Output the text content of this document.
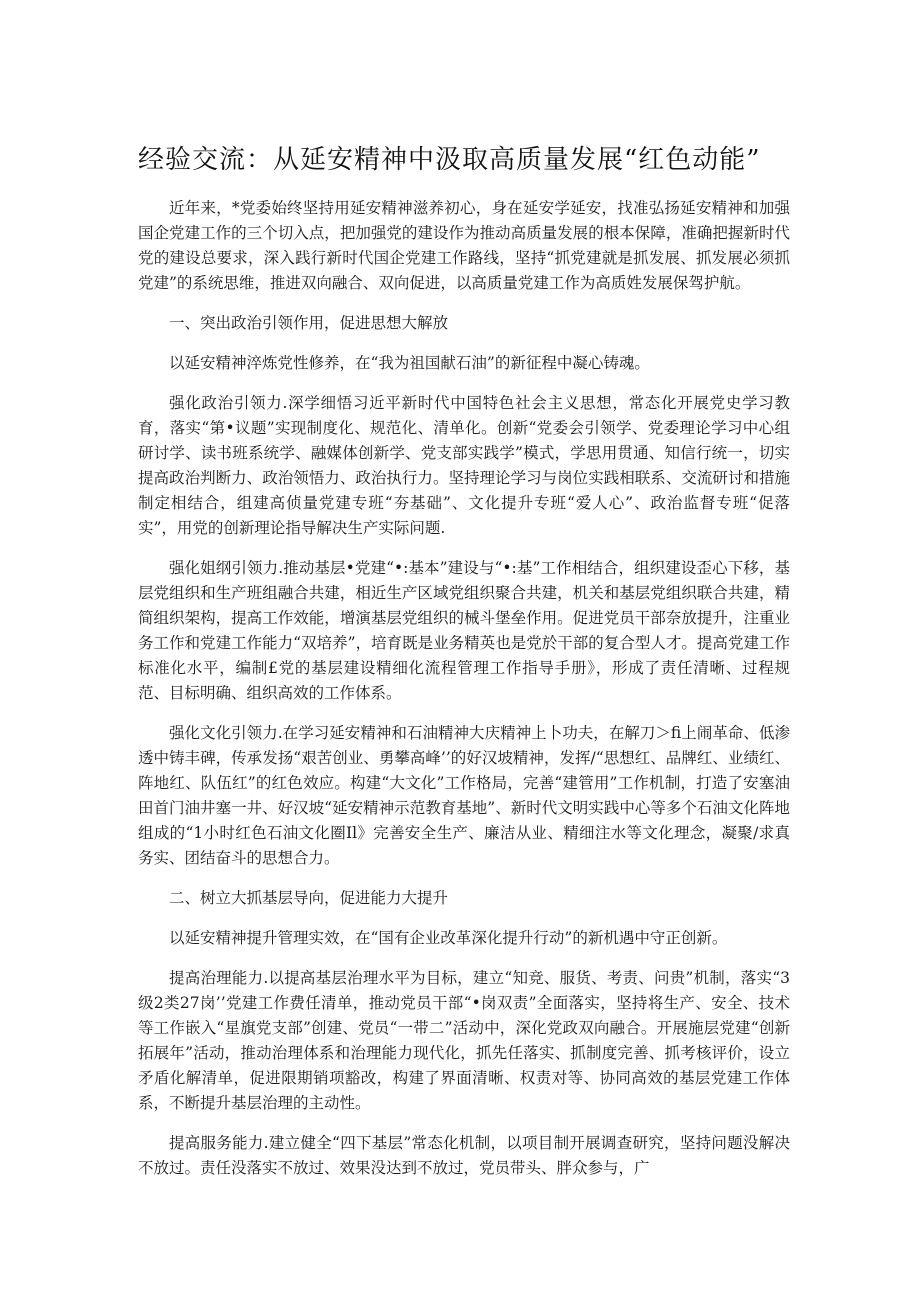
经验交流：从延安精神中汲取高质量发展“红色动能”

近年来，*党委始终坚持用延安精神滋养初心，身在延安学延安，找准弘扬延安精神和加强国企党建工作的三个切入点，把加强党的建设作为推动高质量发展的根本保障，准确把握新时代党的建设总要求，深入践行新时代国企党建工作路线，坚持“抓党建就是抓发展、抓发展必须抓党建”的系统思维，推进双向融合、双向促进，以高质量党建工作为高质姓发展保驾护航。

一、突出政治引领作用，促进思想大解放

以延安精神淬炼党性修养，在“我为祖国献石油”的新征程中凝心铸魂。

强化政治引领力.深学细悟习近平新时代中国特色社会主义思想，常态化开展党史学习教育，落实“第•议题”实现制度化、规范化、清单化。创新“党委会引领学、党委理论学习中心组研讨学、读书班系统学、融媒体创新学、党支部实践学”模式，学思用贯通、知信行统一，切实提高政治判断力、政治领悟力、政治执行力。坚持理论学习与岗位实践相联系、交流研讨和措施制定相结合，组建高侦量党建专班“夯基础”、文化提升专班“爱人心”、政治监督专班“促落实”，用党的创新理论指导解决生产实际问题.

强化姐纲引领力.推动基层•党建“•:基本”建设与“•:基”工作相结合，组织建设歪心下移，基层党组织和生产班组融合共建，相近生产区域党组织聚合共建，机关和基层党组织联合共建，精简组织架构，提高工作效能，增演基层党组织的械斗堡垒作用。促进党员干部奈放提升，注重业务工作和党建工作能力“双培养”，培育既是业务精英也是党於干部的复合型人才。提高党建工作标准化水平，编制£党的基层建设精细化流程管理工作指导手册》，形成了责任清晰、过程规范、目标明确、组织高效的工作体系。

强化文化引领力.在学习延安精神和石油精神大庆精神上卜功夫，在解刀＞fi上闹革命、低渗透中铸丰碑，传承发扬“艰苦创业、勇攀高峰’’的好汉坡精神，发挥/“思想红、品牌红、业绩红、阵地红、队伍红”的红色效应。构建“大文化”工作格局，完善“建管用”工作机制，打造了安塞油田首门油井塞一井、好汉坡“延安精神示范教育基地”、新时代文明实践中心等多个石油文化阵地组成的“1小时红色石油文化圈Il》完善安全生产、廉洁从业、精细注水等文化理念，凝聚/求真务实、团结奋斗的思想合力。

二、树立大抓基层导向，促进能力大提升

以延安精神提升管理实效，在“国有企业改革深化提升行动”的新机遇中守正创新。

提高治理能力.以提高基层治理水平为目标，建立“知竞、服货、考责、问贵”机制，落实“3级2类27岗’’党建工作费任清单，推动党员干部“•岗双责”全面落实，坚持将生产、安全、技术等工作嵌入“星旗党支部”创建、党员“一带二”活动中，深化党政双向融合。开展施层党建“创新拓展年”活动，推动治理体系和治理能力现代化，抓先任落实、抓制度完善、抓考核评价，设立矛盾化解清单，促进限期销项豁改，构建了界面清晰、权责对等、协同高效的基层党建工作体系，不断提升基层治理的主动性。

提高服务能力.建立健全“四下基层”常态化机制，以项目制开展调查研究，坚持问题没解决不放过。责任没落实不放过、效果没达到不放过，党员带头、胖众参与，广
